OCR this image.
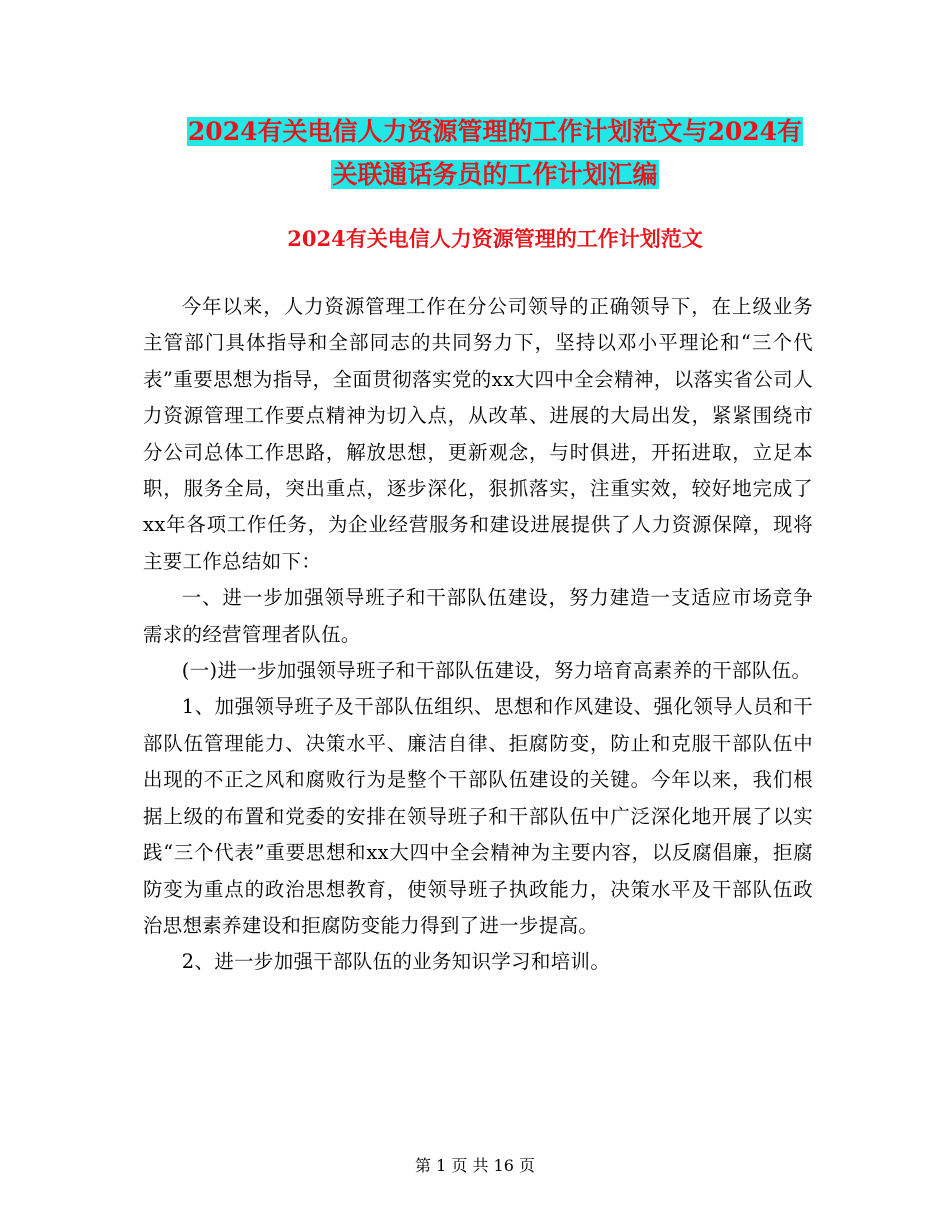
2024有关电信人力资源管理的工作计划范文与2024有
关联通话务员的工作计划汇编
2024有关电信人力资源管理的工作计划范文

今年以来，人力资源管理工作在分公司领导的正确领导下，在上级业务主管部门具体指导和全部同志的共同努力下，坚持以邓小平理论和“三个代表”重要思想为指导，全面贯彻落实党的xx大四中全会精神，以落实省公司人力资源管理工作要点精神为切入点，从改革、进展的大局出发，紧紧围绕市分公司总体工作思路，解放思想，更新观念，与时俱进，开拓进取，立足本职，服务全局，突出重点，逐步深化，狠抓落实，注重实效，较好地完成了xx年各项工作任务，为企业经营服务和建设进展提供了人力资源保障，现将主要工作总结如下：

一、进一步加强领导班子和干部队伍建设，努力建造一支适应市场竞争需求的经营管理者队伍。

(一)进一步加强领导班子和干部队伍建设，努力培育高素养的干部队伍。

1、加强领导班子及干部队伍组织、思想和作风建设、强化领导人员和干部队伍管理能力、决策水平、廉洁自律、拒腐防变，防止和克服干部队伍中出现的不正之风和腐败行为是整个干部队伍建设的关键。今年以来，我们根据上级的布置和党委的安排在领导班子和干部队伍中广泛深化地开展了以实践“三个代表”重要思想和xx大四中全会精神为主要内容，以反腐倡廉，拒腐防变为重点的政治思想教育，使领导班子执政能力，决策水平及干部队伍政治思想素养建设和拒腐防变能力得到了进一步提高。

2、进一步加强干部队伍的业务知识学习和培训。

第 1 页 共 16 页
